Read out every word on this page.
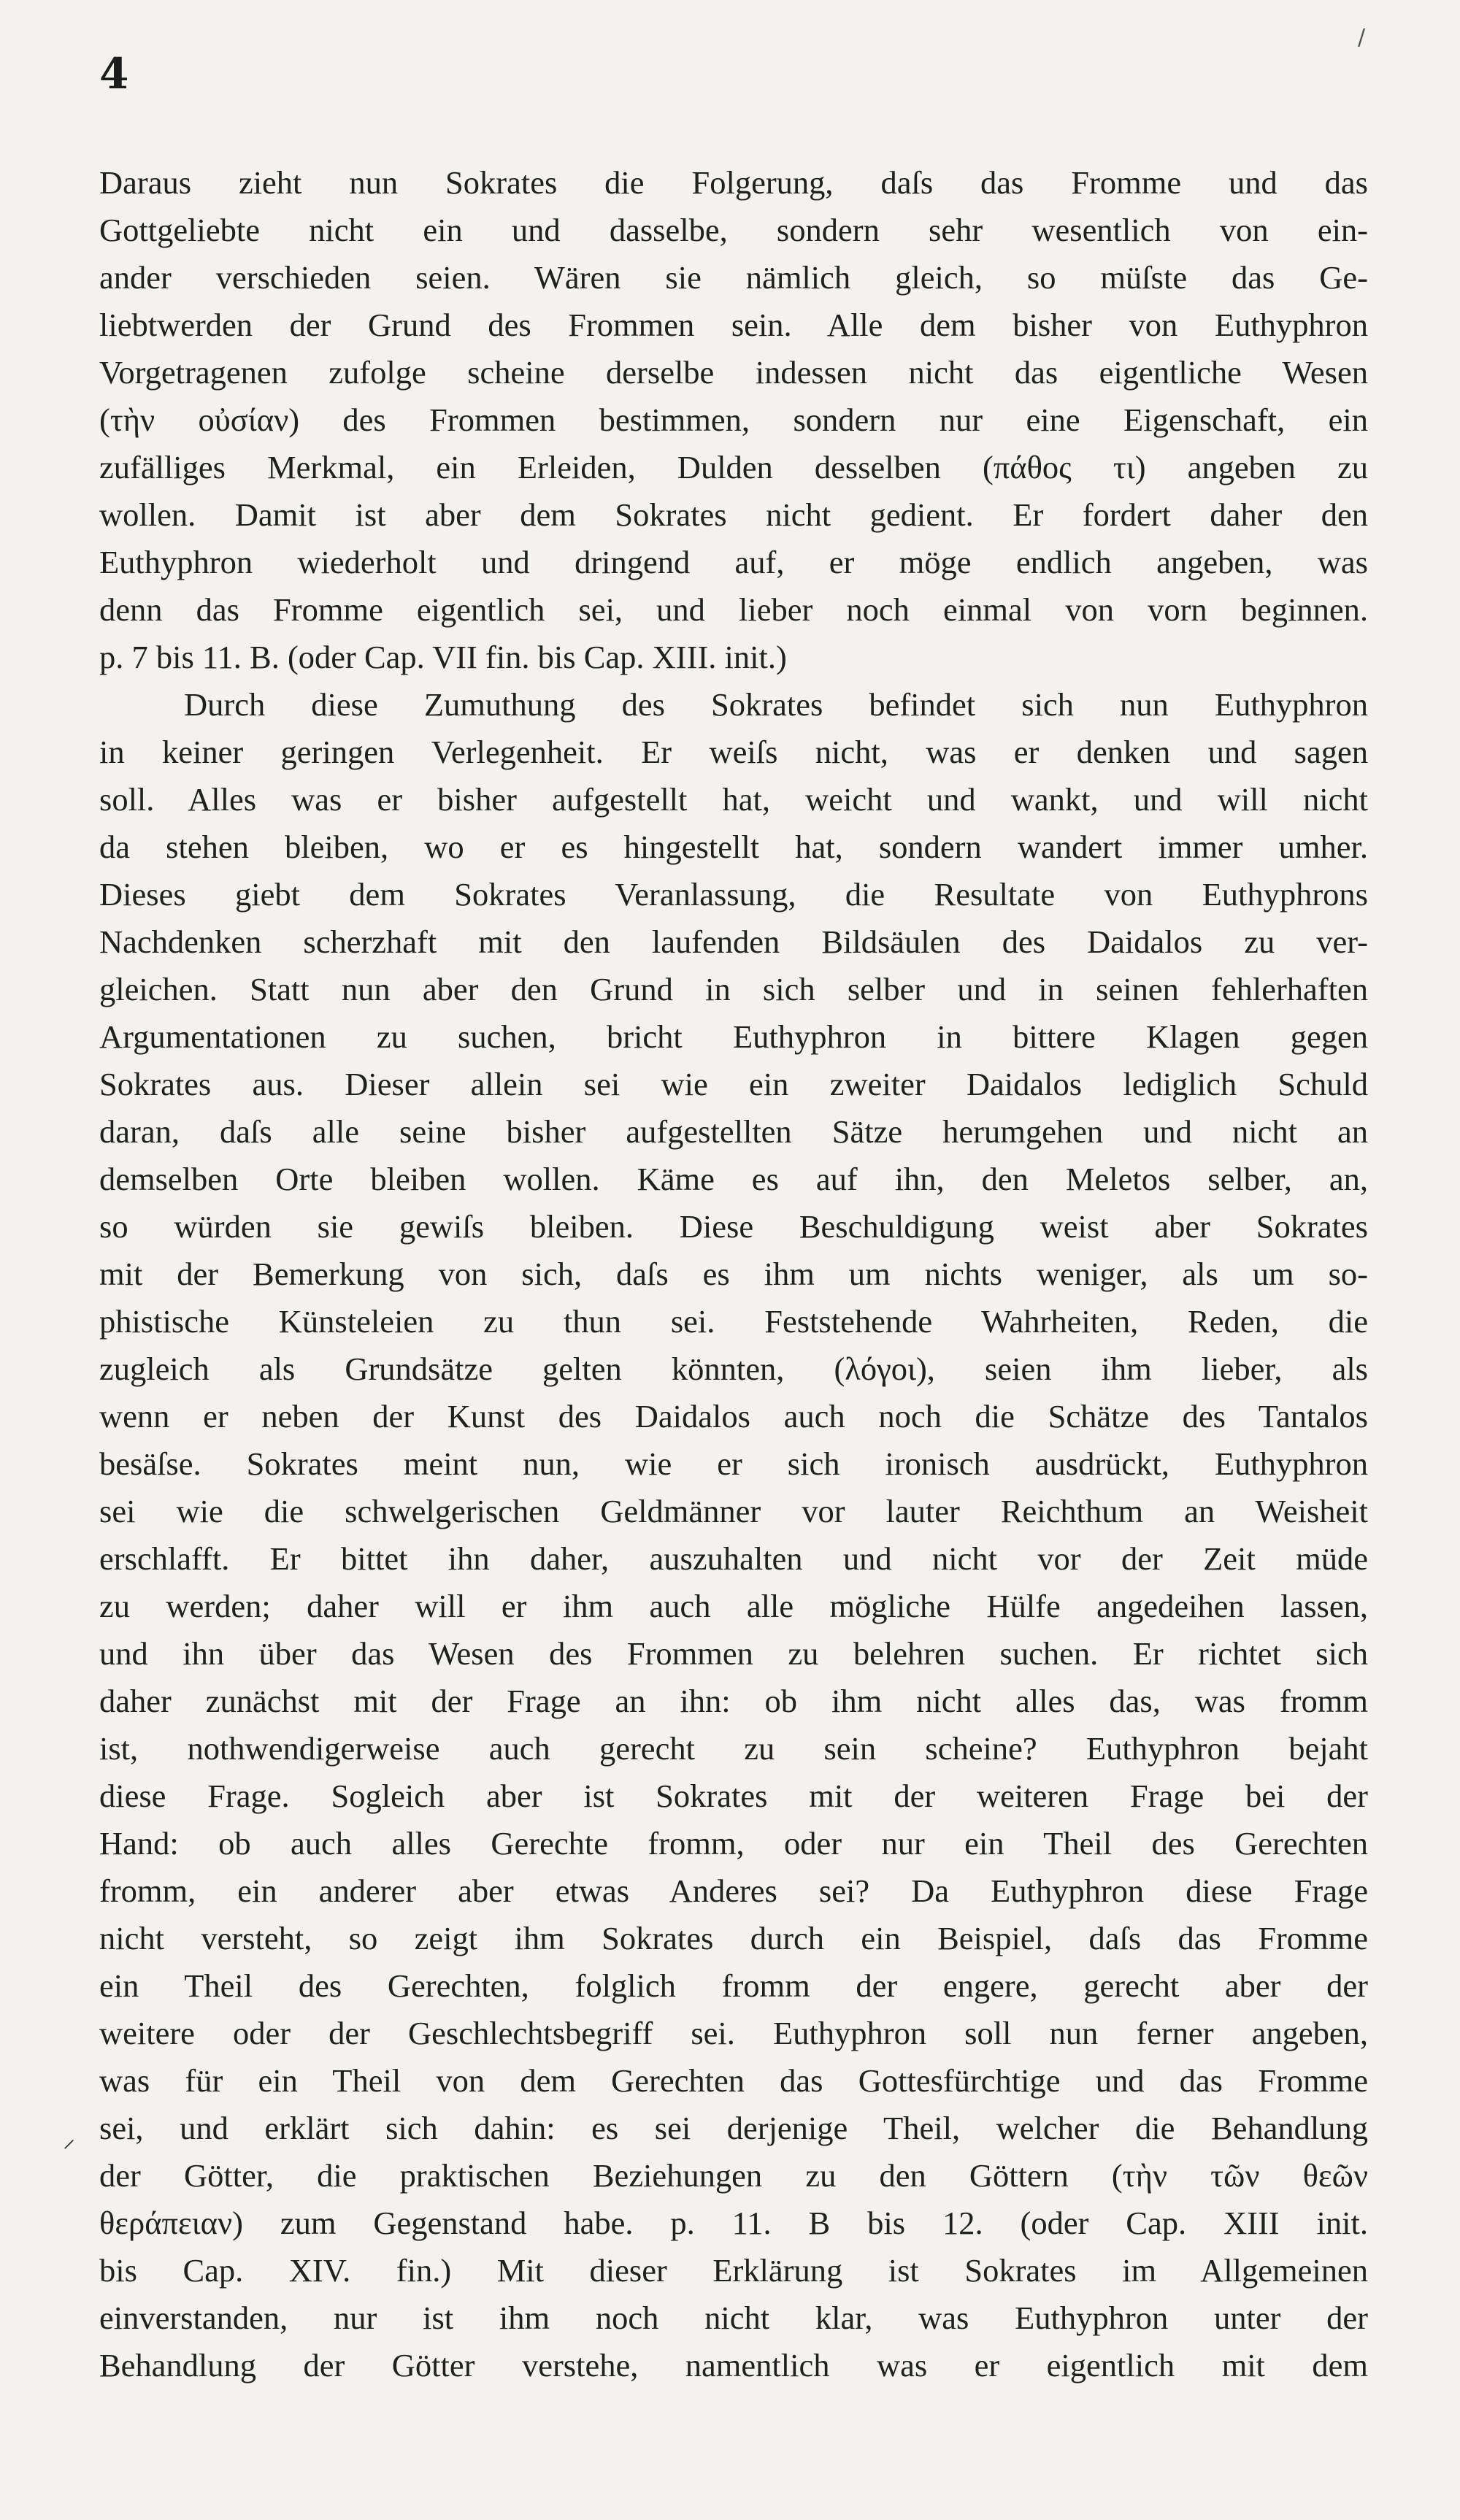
/
4
Daraus zieht nun Sokrates die Folgerung, daſs das Fromme und das
Gottgeliebte nicht ein und dasselbe, sondern sehr wesentlich von ein-
ander verschieden seien. Wären sie nämlich gleich, so müſste das Ge-
liebtwerden der Grund des Frommen sein. Alle dem bisher von Euthyphron
Vorgetragenen zufolge scheine derselbe indessen nicht das eigentliche Wesen
(τὴν οὐσίαν) des Frommen bestimmen, sondern nur eine Eigenschaft, ein
zufälliges Merkmal, ein Erleiden, Dulden desselben (πάθος τι) angeben zu
wollen. Damit ist aber dem Sokrates nicht gedient. Er fordert daher den
Euthyphron wiederholt und dringend auf, er möge endlich angeben, was
denn das Fromme eigentlich sei, und lieber noch einmal von vorn beginnen.
p. 7 bis 11. B. (oder Cap. VII fin. bis Cap. XIII. init.)
Durch diese Zumuthung des Sokrates befindet sich nun Euthyphron
in keiner geringen Verlegenheit. Er weiſs nicht, was er denken und sagen
soll. Alles was er bisher aufgestellt hat, weicht und wankt, und will nicht
da stehen bleiben, wo er es hingestellt hat, sondern wandert immer umher.
Dieses giebt dem Sokrates Veranlassung, die Resultate von Euthyphrons
Nachdenken scherzhaft mit den laufenden Bildsäulen des Daidalos zu ver-
gleichen. Statt nun aber den Grund in sich selber und in seinen fehlerhaften
Argumentationen zu suchen, bricht Euthyphron in bittere Klagen gegen
Sokrates aus. Dieser allein sei wie ein zweiter Daidalos lediglich Schuld
daran, daſs alle seine bisher aufgestellten Sätze herumgehen und nicht an
demselben Orte bleiben wollen. Käme es auf ihn, den Meletos selber, an,
so würden sie gewiſs bleiben. Diese Beschuldigung weist aber Sokrates
mit der Bemerkung von sich, daſs es ihm um nichts weniger, als um so-
phistische Künsteleien zu thun sei. Feststehende Wahrheiten, Reden, die
zugleich als Grundsätze gelten könnten, (λόγοι), seien ihm lieber, als
wenn er neben der Kunst des Daidalos auch noch die Schätze des Tantalos
besäſse. Sokrates meint nun, wie er sich ironisch ausdrückt, Euthyphron
sei wie die schwelgerischen Geldmänner vor lauter Reichthum an Weisheit
erschlafft. Er bittet ihn daher, auszuhalten und nicht vor der Zeit müde
zu werden; daher will er ihm auch alle mögliche Hülfe angedeihen lassen,
und ihn über das Wesen des Frommen zu belehren suchen. Er richtet sich
daher zunächst mit der Frage an ihn: ob ihm nicht alles das, was fromm
ist, nothwendigerweise auch gerecht zu sein scheine? Euthyphron bejaht
diese Frage. Sogleich aber ist Sokrates mit der weiteren Frage bei der
Hand: ob auch alles Gerechte fromm, oder nur ein Theil des Gerechten
fromm, ein anderer aber etwas Anderes sei? Da Euthyphron diese Frage
nicht versteht, so zeigt ihm Sokrates durch ein Beispiel, daſs das Fromme
ein Theil des Gerechten, folglich fromm der engere, gerecht aber der
weitere oder der Geschlechtsbegriff sei. Euthyphron soll nun ferner angeben,
was für ein Theil von dem Gerechten das Gottesfürchtige und das Fromme
sei, und erklärt sich dahin: es sei derjenige Theil, welcher die Behandlung
der Götter, die praktischen Beziehungen zu den Göttern (τὴν τῶν θεῶν
θεράπειαν) zum Gegenstand habe. p. 11. B bis 12. (oder Cap. XIII init.
bis Cap. XIV. fin.) Mit dieser Erklärung ist Sokrates im Allgemeinen
einverstanden, nur ist ihm noch nicht klar, was Euthyphron unter der
Behandlung der Götter verstehe, namentlich was er eigentlich mit dem
⸝
